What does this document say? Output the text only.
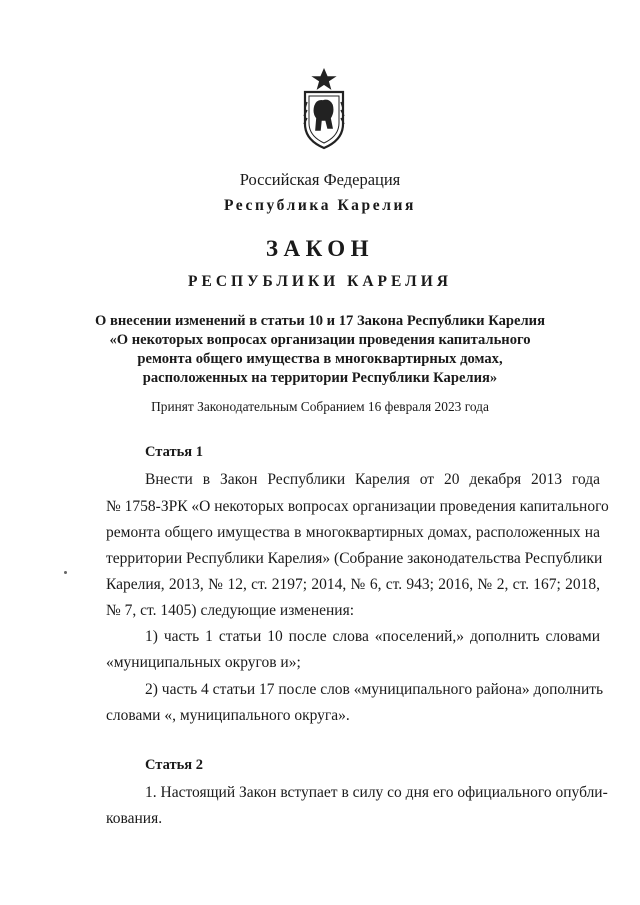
Российская Федерация
Республика Карелия
ЗАКОН
РЕСПУБЛИКИ КАРЕЛИЯ
О внесении изменений в статьи 10 и 17 Закона Республики Карелия
«О некоторых вопросах организации проведения капитального
ремонта общего имущества в многоквартирных домах,
расположенных на территории Республики Карелия»
Принят Законодательным Собранием 16 февраля 2023 года
Статья 1
Внести в Закон Республики Карелия от 20 декабря 2013 года
№ 1758-ЗРК «О некоторых вопросах организации проведения капитального
ремонта общего имущества в многоквартирных домах, расположенных на
территории Республики Карелия» (Собрание законодательства Республики
Карелия, 2013, № 12, ст. 2197; 2014, № 6, ст. 943; 2016, № 2, ст. 167; 2018,
№ 7, ст. 1405) следующие изменения:
1) часть 1 статьи 10 после слова «поселений,» дополнить словами
«муниципальных округов и»;
2) часть 4 статьи 17 после слов «муниципального района» дополнить
словами «, муниципального округа».
Статья 2
1. Настоящий Закон вступает в силу со дня его официального опубли-
кования.
